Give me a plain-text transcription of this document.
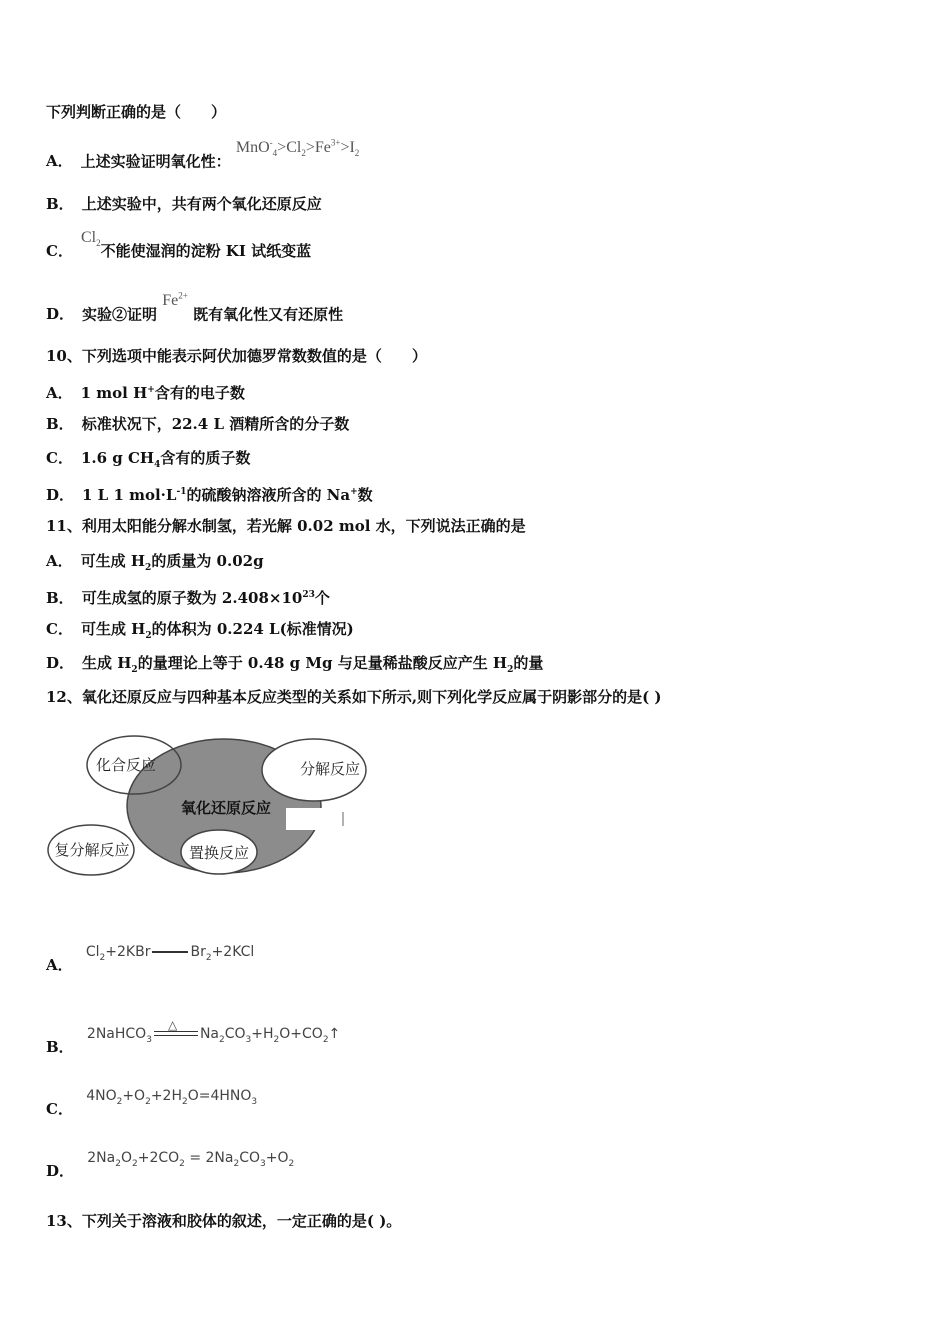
下列判断正确的是（　　）
A． 上述实验证明氧化性： $MnO^-_4>Cl_2>Fe^{3+}>I_2$
B． 上述实验中，共有两个氧化还原反应
C．$Cl_2$不能使湿润的淀粉 KI 试纸变蓝
D． 实验②证明 $Fe^{2+}$ 既有氧化性又有还原性
10、下列选项中能表示阿伏加德罗常数数值的是（　　）
A． 1 mol H+含有的电子数
B． 标准状况下，22.4 L 酒精所含的分子数
C． 1.6 g $CH_4$含有的质子数
D． 1 L 1 $mol\cdot L^{-1}$的硫酸钠溶液所含的 Na+数
11、利用太阳能分解水制氢，若光解 0.02 mol 水，下列说法正确的是
A． 可生成 $H_2$的质量为 0.02g
B． 可生成氢的原子数为 $2.408\times 10^{23}$个
C． 可生成 $H_2$的体积为 0.224 L(标准情况)
D． 生成 $H_2$的量理论上等于 0.48 g Mg 与足量稀盐酸反应产生 $H_2$的量
12、氧化还原反应与四种基本反应类型的关系如下所示,则下列化学反应属于阴影部分的是( )
化合反应	分解反应
氧化还原反应
复分解反应	置换反应
A． $Cl_2+2KBr$	$Br_2+2KCl$
B． 2NaHCO$_3$
△
$Na_2CO_3+H_2O+CO_2↑$
C． $4NO_2+O_2+2H_2O=4HNO_3$
D． $2Na_2O_2+2CO_2 = 2Na_2CO_3+O_2$
13、下列关于溶液和胶体的叙述，一定正确的是( )。
